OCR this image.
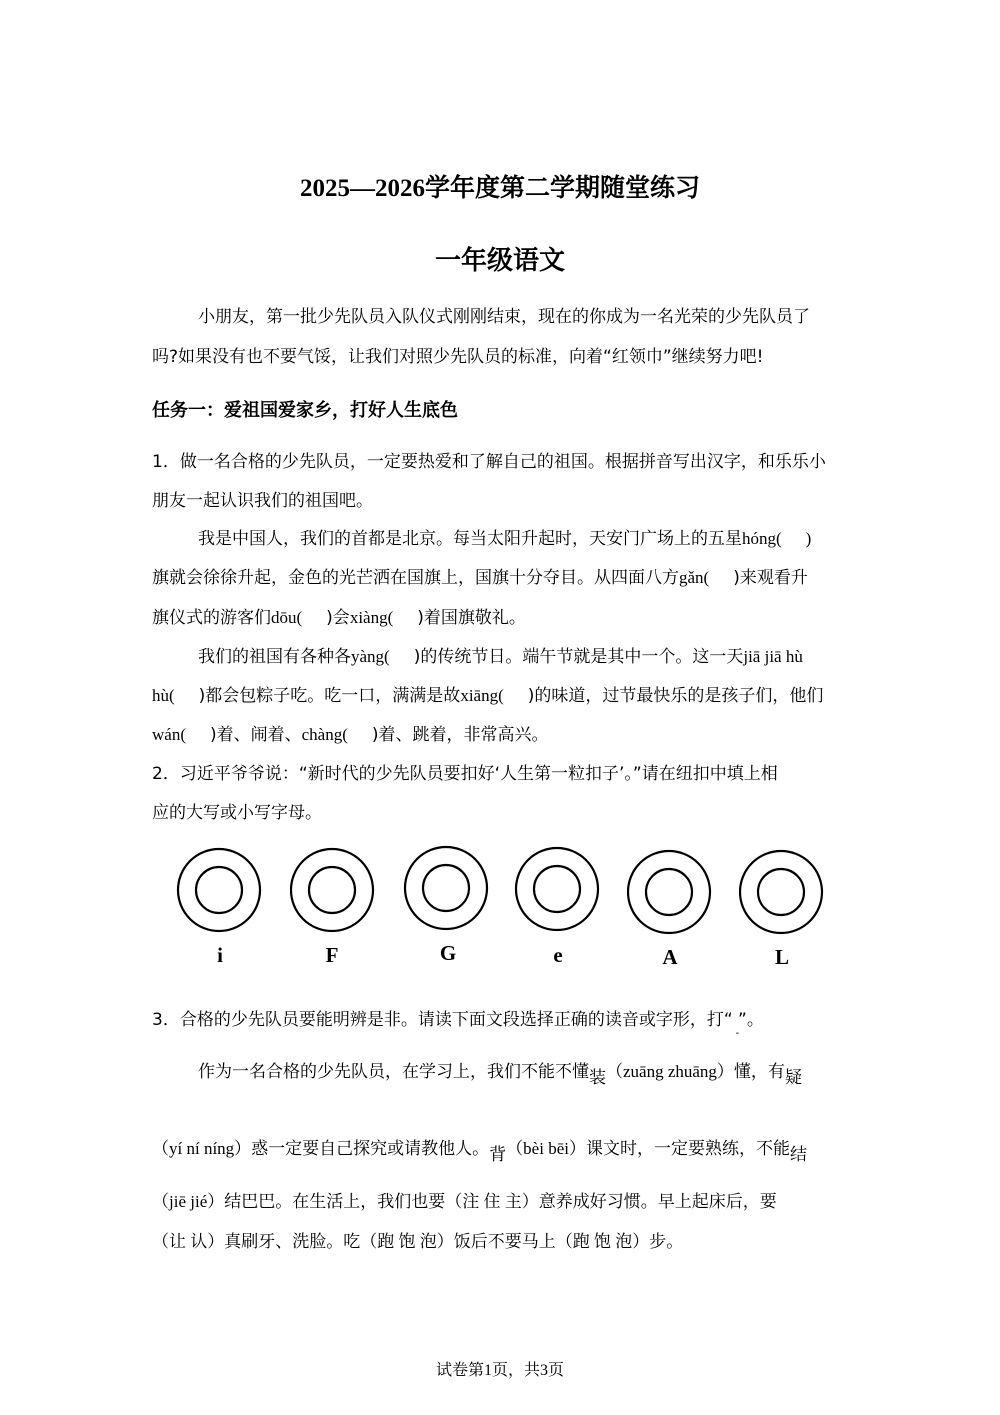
2025—2026学年度第二学期随堂练习
一年级语文
小朋友，第一批少先队员入队仪式刚刚结束，现在的你成为一名光荣的少先队员了
吗?如果没有也不要气馁，让我们对照少先队员的标准，向着“红领巾”继续努力吧!
任务一：爱祖国爱家乡，打好人生底色
1．做一名合格的少先队员，一定要热爱和了解自己的祖国。根据拼音写出汉字，和乐乐小
朋友一起认识我们的祖国吧。
我是中国人，我们的首都是北京。每当太阳升起时，天安门广场上的五星hóng( )
旗就会徐徐升起，金色的光芒洒在国旗上，国旗十分夺目。从四面八方gǎn( )来观看升
旗仪式的游客们dōu( )会xiàng( )着国旗敬礼。
我们的祖国有各种各yàng( )的传统节日。端午节就是其中一个。这一天jiā jiā hù
hù( )都会包粽子吃。吃一口，满满是故xiāng( )的味道，过节最快乐的是孩子们，他们
wán( )着、闹着、chàng( )着、跳着，非常高兴。
2．习近平爷爷说：“新时代的少先队员要扣好‘人生第一粒扣子’。”请在纽扣中填上相
应的大写或小写字母。
i	F	G	e	A	L
3．合格的少先队员要能明辨是非。请读下面文段选择正确的读音或字形，打“
-
”。
作为一名合格的少先队员，在学习上，我们不能不懂装（zuāng zhuāng）懂，有疑
（yí ní níng）惑一定要自己探究或请教他人。背（bèi bēi）课文时，一定要熟练，不能结
（jiē jié）结巴巴。在生活上，我们也要（注 住 主）意养成好习惯。早上起床后，要
（让 认）真刷牙、洗脸。吃（跑 饱 泡）饭后不要马上（跑 饱 泡）步。
试卷第1页，共3页
